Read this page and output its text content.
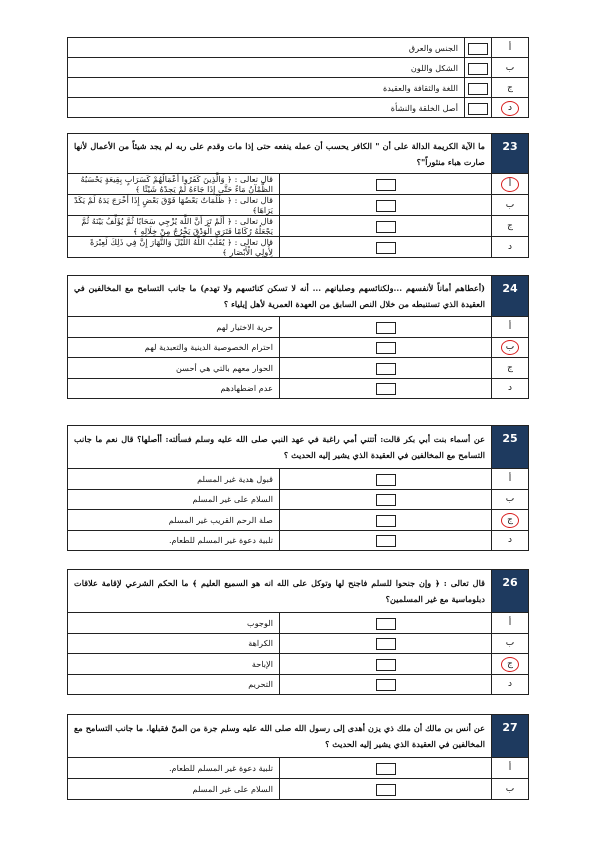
أ		الجنس والعرق
ب		الشكل واللون
ج		اللغة والثقافة والعقيدة
د		أصل الخلقة والنشأة
23	ما الآية الكريمة الدالة على أن " الكافر يحسب أن عمله ينفعه حتى إذا مات وقدم على ربه لم يجد شيئاً من الأعمال لأنها صارت هباء منثوراً"؟	
أ		قال تعالى : ﴿ وَالَّذِينَ كَفَرُوا أَعْمَالُهُمْ كَسَرَابٍ بِقِيعَةٍ يَحْسَبُهُ الظَّمْآنُ مَاءً حَتَّى إِذَا جَاءَهُ لَمْ يَجِدْهُ شَيْئًا ﴾
ب		قال تعالى : ﴿ ظُلُمَاتٌ بَعْضُهَا فَوْقَ بَعْضٍ إِذَا أَخْرَجَ يَدَهُ لَمْ يَكَدْ يَرَاهَا﴾
ج		قال تعالى : ﴿ أَلَمْ تَرَ أَنَّ اللَّهَ يُزْجِي سَحَابًا ثُمَّ يُؤَلِّفُ بَيْنَهُ ثُمَّ يَجْعَلُهُ رُكَامًا فَتَرَى الْوَدْقَ يَخْرُجُ مِنْ خِلَالِهِ ﴾
د		قال تعالى : ﴿ يُقَلِّبُ اللَّهُ اللَّيْلَ وَالنَّهَارَ إِنَّ فِي ذَلِكَ لَعِبْرَةً لِأُولِي الْأَبْصَارِ ﴾
24	(أعطاهم أماناً لأنفسهم ...ولكنائسهم وصلبانهم ... أنه لا تسكن كنائسهم ولا تهدم) ما جانب التسامح مع المخالفين في العقيدة الذي تستنبطه من خلال النص السابق من العهدة العمرية لأهل إيلياء ؟	
أ		حرية الاختيار لهم
ب		احترام الخصوصية الدينية والتعبدية لهم
ج		الحوار معهم بالتي هي أحسن
د		عدم اضطهادهم
25	عن أسماء بنت أبي بكر قالت: أتتني أمي راغبة في عهد النبي صلى الله عليه وسلم فسألته: أأصلها؟ قال نعم ما جانب التسامح مع المخالفين في العقيدة الذي يشير إليه الحديث ؟	
أ		قبول هدية غير المسلم
ب		السلام على غير المسلم
ج		صلة الرحم القريب غير المسلم
د		تلبية دعوة غير المسلم للطعام.
26	قال تعالى : ﴿ وإن جنحوا للسلم فاجنح لها وتوكل على الله انه هو السميع العليم ﴾ ما الحكم الشرعي لإقامة علاقات دبلوماسية مع غير المسلمين؟	
أ		الوجوب
ب		الكراهة
ج		الإباحة
د		التحريم
27	عن أنس بن مالك أن ملك ذي يزن أهدى إلى رسول الله صلى الله عليه وسلم جرة من المنّ فقبلها. ما جانب التسامح مع المخالفين في العقيدة الذي يشير إليه الحديث ؟	
أ		تلبية دعوة غير المسلم للطعام.
ب		السلام على غير المسلم
